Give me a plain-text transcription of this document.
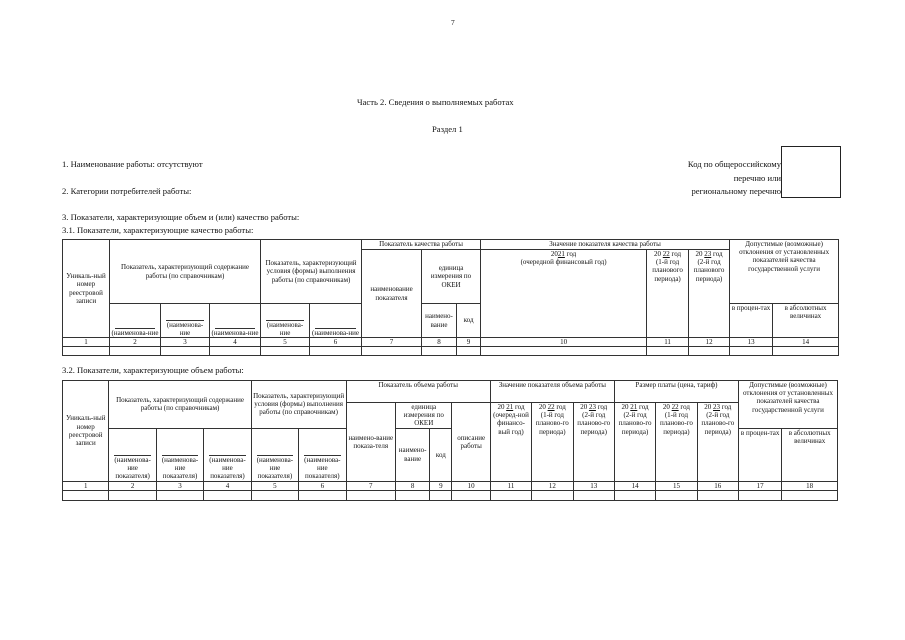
7
Часть 2. Сведения о выполняемых работах
Раздел 1
1. Наименование работы: отсутствуют
2. Категории потребителей работы:
Код по общероссийскому
перечню или
региональному перечню
3. Показатели, характеризующие объем и (или) качество работы:
3.1. Показатели, характеризующие качество работы:
Уникаль-ный номер реестровой записи	Показатель, характеризующий содержание работы (по справочникам)			Показатель, характеризующий условия (формы) выполнения работы (по справочникам)		Показатель качества работы			Значение показателя качества работы			Допустимые (возможные) отклонения от установленных показателей качества государственной услуги	
						наименование показателя	единица измерения по ОКЕИ		2021 год
(очередной финансовый год)	20 22 год
(1-й год планового периода)	20 23 год
(2-й год планового периода)		

(наименова-ние	(наименова-ние	(наименова-ние	(наименова-ние	(наименова-ние		наимено-вание	код				в процен-тах	в абсолютных величинах
1	2	3	4	5	6	7	8	9	10	11	12	13	14

3.2. Показатели, характеризующие объем работы:
Уникаль-ный номер реестровой записи	Показатель, характеризующий содержание работы (по справочникам)			Показатель, характеризующий условия (формы) выполнения работы (по справочникам)		Показатель объема работы				Значение показателя объема работы			Размер платы (цена, тариф)			Допустимые (возможные) отклонения от установленных показателей качества государственной услуги	
						наимено-вание показа-теля	единица измерения по ОКЕИ		описание работы	20 21 год
(очеред-ной финансо-вый год)	20 22 год
(1-й год планово-го периода)	20 23 год
(2-й год планово-го периода)	20 21 год
(2-й год планово-го периода)	20 22 год
(1-й год планово-го периода)	20 23 год
(2-й год планово-го периода)		

(наименова-ние показателя)	(наименова-ние показателя)	(наименова-ние показателя)	(наименова-ние показателя)	(наименова-ние показателя)		наимено-вание	код								в процен-тах	в абсолютных величинах
1	2	3	4	5	6	7	8	9	10	11	12	13	14	15	16	17	18
